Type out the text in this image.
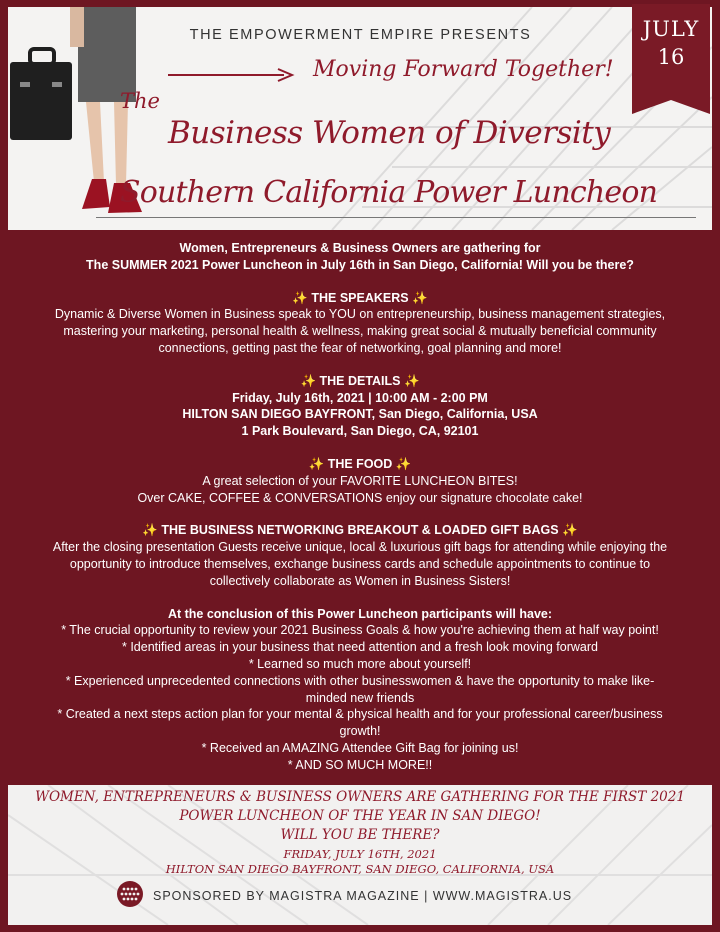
THE EMPOWERMENT EMPIRE PRESENTS
Moving Forward Together!
The
Business Women of Diversity
Southern California Power Luncheon
JULY
16

Women, Entrepreneurs & Business Owners are gathering for

The SUMMER 2021 Power Luncheon in July 16th in San Diego, California! Will you be there?

✨ THE SPEAKERS ✨

Dynamic & Diverse Women in Business speak to YOU on entrepreneurship, business management strategies,

mastering your marketing, personal health & wellness, making great social & mutually beneficial community

connections, getting past the fear of networking, goal planning and more!

✨ THE DETAILS ✨

Friday, July 16th, 2021 | 10:00 AM - 2:00 PM

HILTON SAN DIEGO BAYFRONT, San Diego, California, USA

1 Park Boulevard, San Diego, CA, 92101

✨ THE FOOD ✨

A great selection of your FAVORITE LUNCHEON BITES!

Over CAKE, COFFEE & CONVERSATIONS enjoy our signature chocolate cake!

✨ THE BUSINESS NETWORKING BREAKOUT & LOADED GIFT BAGS ✨

After the closing presentation Guests receive unique, local & luxurious gift bags for attending while enjoying the

opportunity to introduce themselves, exchange business cards and schedule appointments to continue to

collectively collaborate as Women in Business Sisters!

At the conclusion of this Power Luncheon participants will have:

* The crucial opportunity to review your 2021 Business Goals & how you're achieving them at half way point!

* Identified areas in your business that need attention and a fresh look moving forward

* Learned so much more about yourself!

* Experienced unprecedented connections with other businesswomen & have the opportunity to make like-

minded new friends

* Created a next steps action plan for your mental & physical health and for your professional career/business

growth!

* Received an AMAZING Attendee Gift Bag for joining us!

* AND SO MUCH MORE!!

WOMEN, ENTREPRENEURS & BUSINESS OWNERS ARE GATHERING FOR THE FIRST 2021
POWER LUNCHEON OF THE YEAR IN SAN DIEGO!
WILL YOU BE THERE?
FRIDAY, JULY 16TH, 2021
HILTON SAN DIEGO BAYFRONT, SAN DIEGO, CALIFORNIA, USA
SPONSORED BY MAGISTRA MAGAZINE | WWW.MAGISTRA.US
